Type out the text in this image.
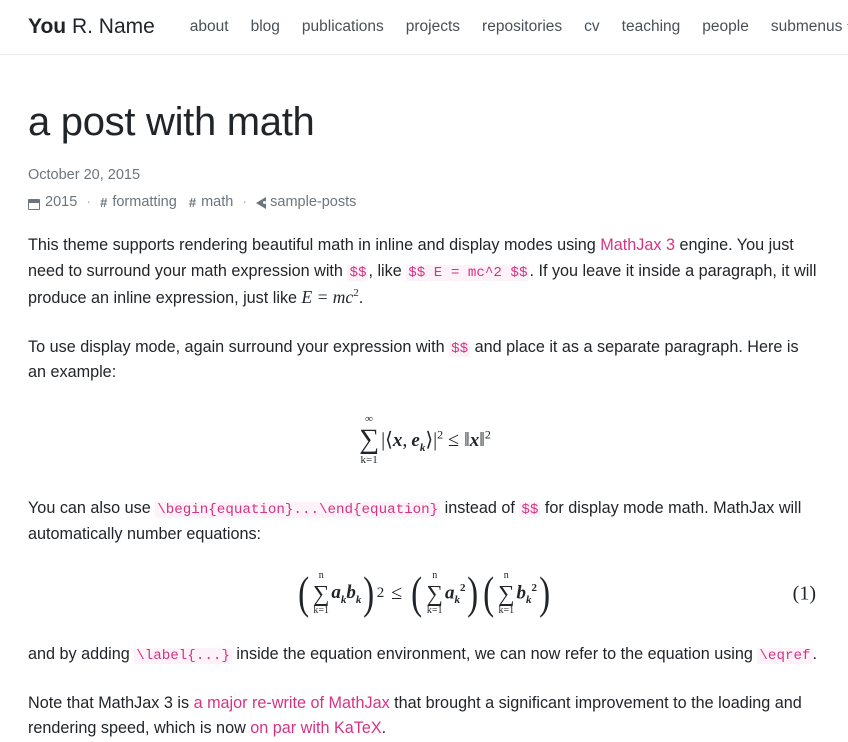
You R. Name	about	blog	publications	projects	repositories	cv	teaching	people	submenus
a post with math
October 20, 2015
2015 · # formatting # math · sample-posts

This theme supports rendering beautiful math in inline and display modes using MathJax 3 engine. You just need to surround your math expression with $$ , like $$ E = mc^2 $$ . If you leave it inside a paragraph, it will produce an inline expression, just like $E = mc^2$.

To use display mode, again surround your expression with $$ and place it as a separate paragraph. Here is an example:

∞
∑
k=1
|⟨x, $e_k⟩|^2$ ≤ ‖x‖$^2$

You can also use \begin{equation}...\end{equation} instead of $$ for display mode math. MathJax will automatically number equations:

( n
∑
k=1
$a_kb_k$ ) 2 ≤ ( n
∑
k=1
$a_k^2$ ) ( n
∑
k=1
$b_k^2$ )	(1)

and by adding \label{...} inside the equation environment, we can now refer to the equation using \eqref .

Note that MathJax 3 is a major re-write of MathJax that brought a significant improvement to the loading and rendering speed, which is now on par with KaTeX.
